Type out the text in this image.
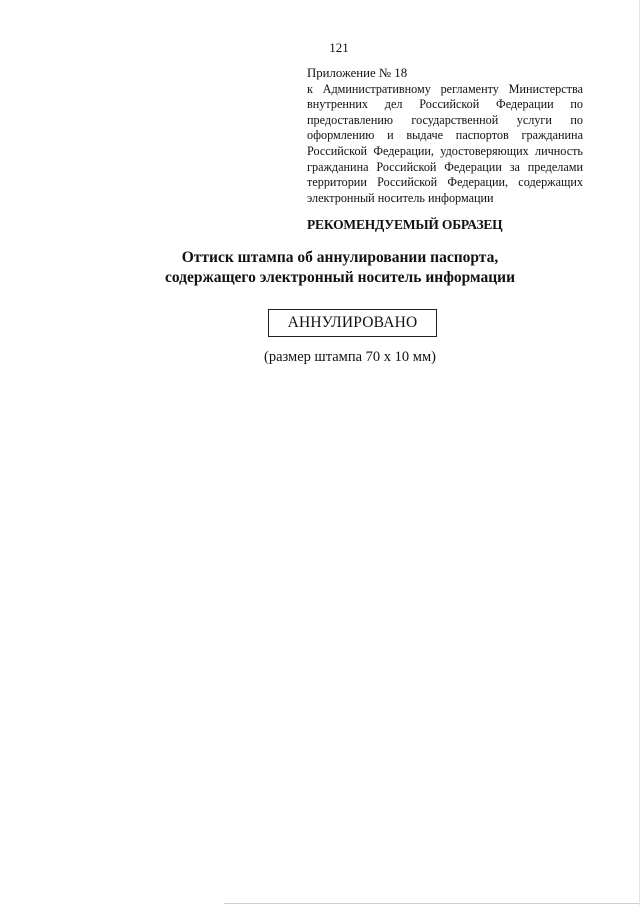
121
Приложение № 18
к Административному регламенту Министерства внутренних дел Российской Федерации по предоставлению государственной услуги по оформлению и выдаче паспортов гражданина Российской Федерации, удостоверяющих личность гражданина Российской Федерации за пределами территории Российской Федерации, содержащих электронный носитель информации
РЕКОМЕНДУЕМЫЙ ОБРАЗЕЦ
Оттиск штампа об аннулировании паспорта,
содержащего электронный носитель информации
АННУЛИРОВАНО
(размер штампа 70 x 10 мм)
